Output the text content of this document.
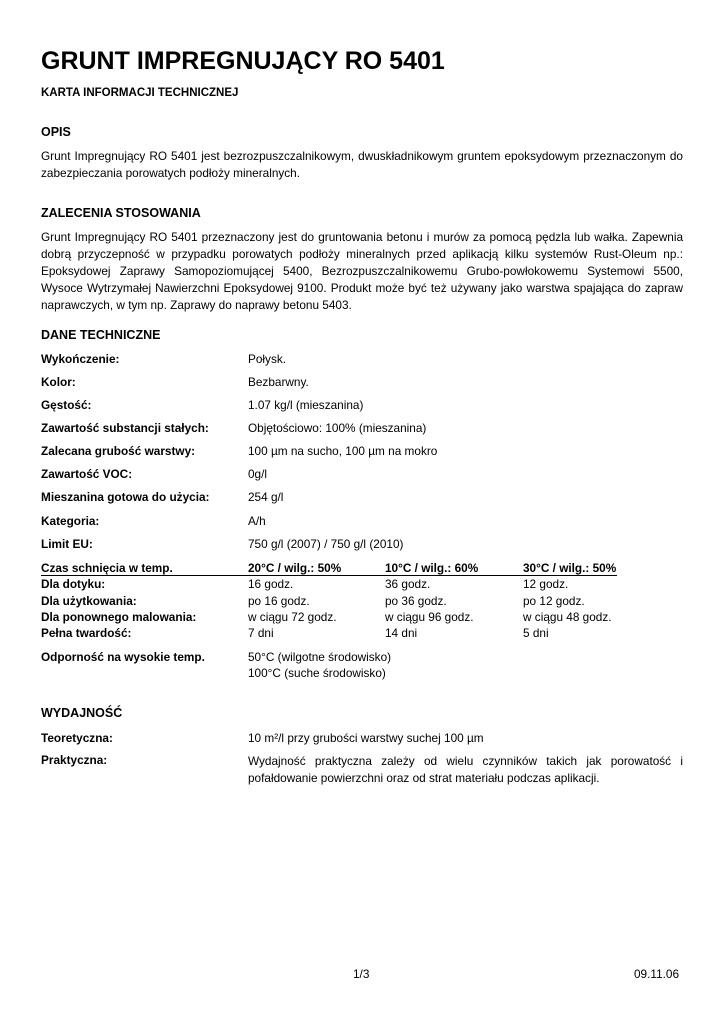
GRUNT IMPREGNUJĄCY RO 5401
KARTA INFORMACJI TECHNICZNEJ
OPIS

Grunt Impregnujący RO 5401 jest bezrozpuszczalnikowym, dwuskładnikowym gruntem epoksydowym przeznaczonym do zabezpieczania porowatych podłoży mineralnych.

ZALECENIA STOSOWANIA

Grunt Impregnujący RO 5401 przeznaczony jest do gruntowania betonu i murów za pomocą pędzla lub wałka. Zapewnia dobrą przyczepność w przypadku porowatych podłoży mineralnych przed aplikacją kilku systemów Rust-Oleum np.: Epoksydowej Zaprawy Samopoziomującej 5400, Bezrozpuszczalnikowemu Grubo-powłokowemu Systemowi 5500, Wysoce Wytrzymałej Nawierzchni Epoksydowej 9100. Produkt może być też używany jako warstwa spajająca do zapraw naprawczych, w tym np. Zaprawy do naprawy betonu 5403.

DANE TECHNICZNE
Wykończenie:	Połysk.
Kolor:	Bezbarwny.
Gęstość:	1.07 kg/l (mieszanina)
Zawartość substancji stałych:	Objętościowo: 100% (mieszanina)
Zalecana grubość warstwy:	100 µm na sucho, 100 µm na mokro
Zawartość VOC:	0g/l
Mieszanina gotowa do użycia:	254 g/l
Kategoria:	A/h
Limit EU:	750 g/l (2007) / 750 g/l (2010)
Czas schnięcia w temp.	20°C / wilg.: 50%	10°C / wilg.: 60%	30°C / wilg.: 50%
Dla dotyku:	16 godz.	36 godz.	12 godz.
Dla użytkowania:	po 16 godz.	po 36 godz.	po 12 godz.
Dla ponownego malowania:	w ciągu 72 godz.	w ciągu 96 godz.	w ciągu 48 godz.
Pełna twardość:	7 dni	14 dni	5 dni
Odporność na wysokie temp.	50°C (wilgotne środowisko)
100°C (suche środowisko)
WYDAJNOŚĆ
Teoretyczna:	10 m²/l przy grubości warstwy suchej 100 µm
Praktyczna:	Wydajność praktyczna zależy od wielu czynników takich jak porowatość i pofałdowanie powierzchni oraz od strat materiału podczas aplikacji.

1/3	09.11.06
